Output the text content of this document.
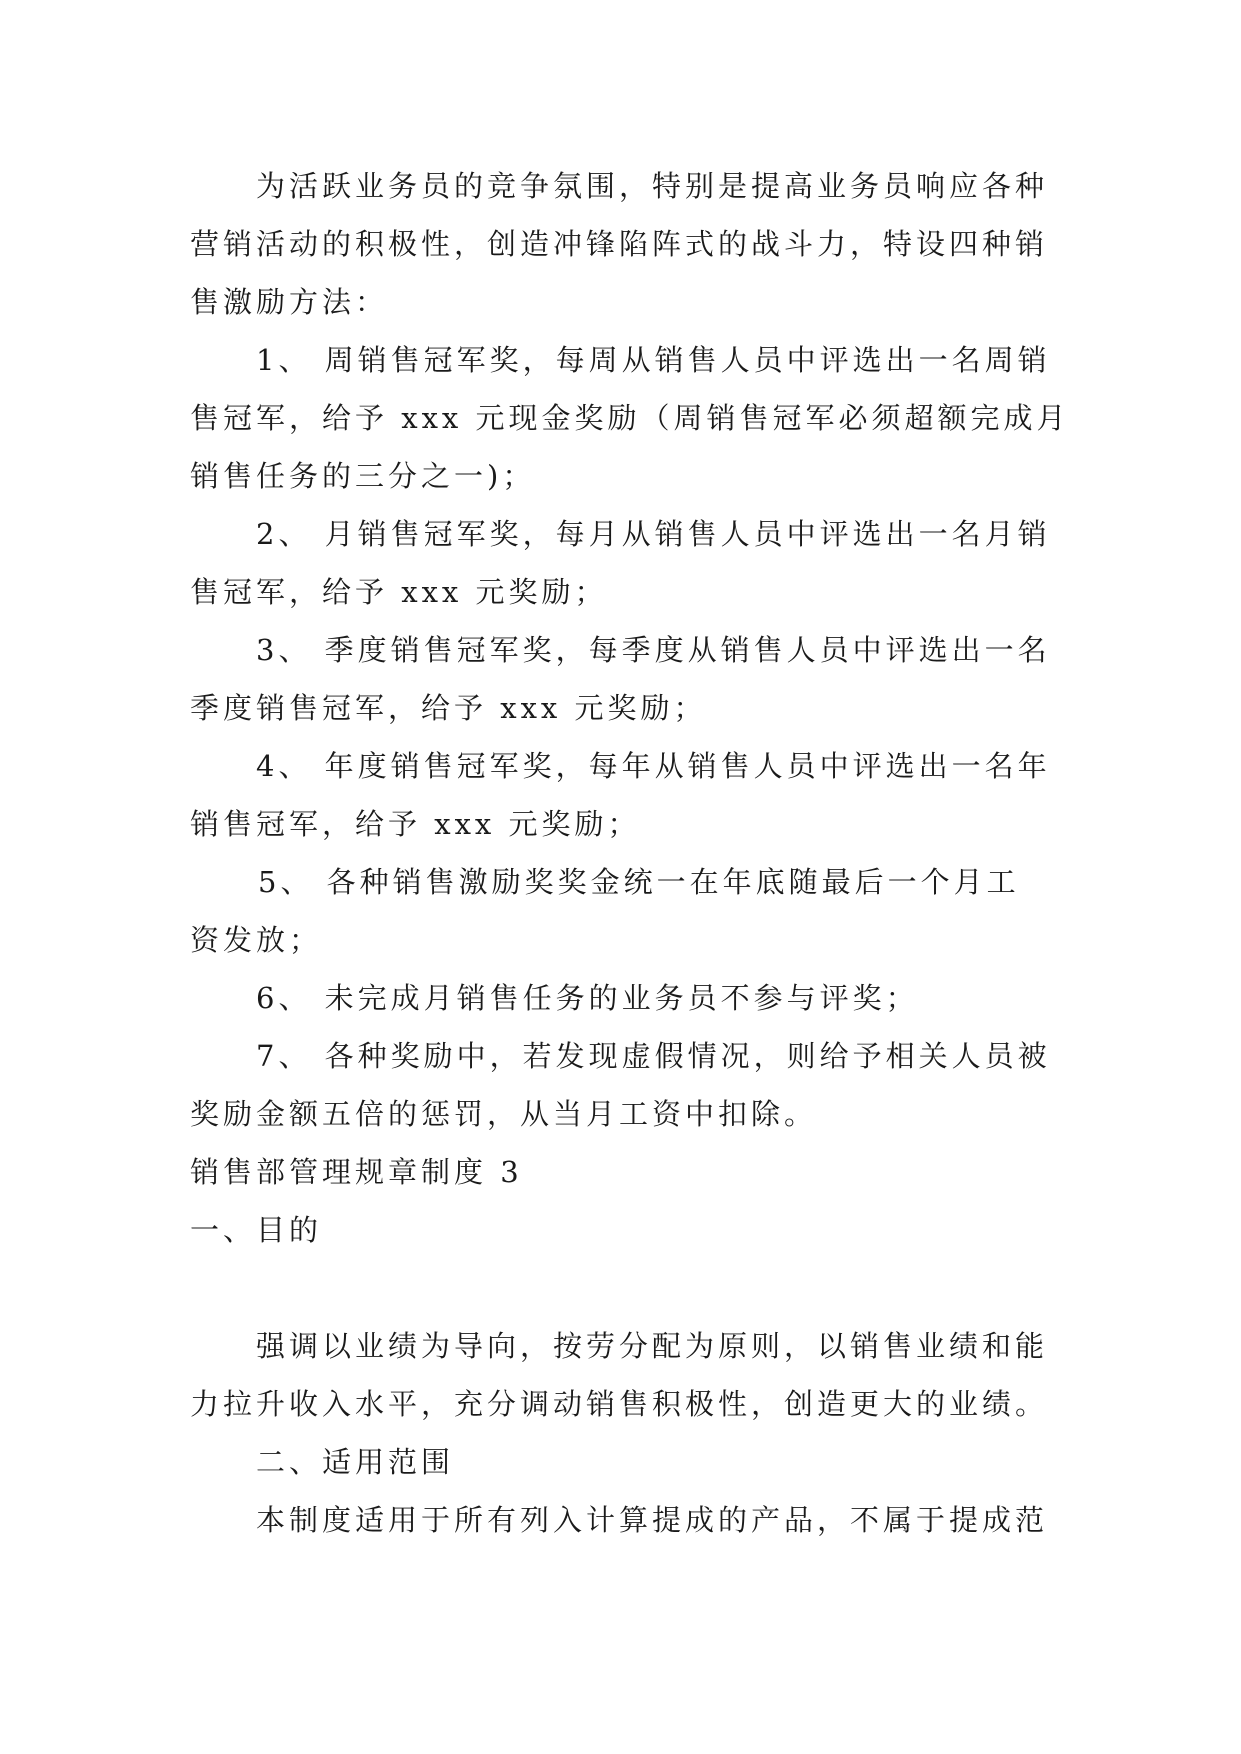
为活跃业务员的竞争氛围，特别是提高业务员响应各种
营销活动的积极性，创造冲锋陷阵式的战斗力，特设四种销
售激励方法：
1、 周销售冠军奖，每周从销售人员中评选出一名周销
售冠军，给予 xxx 元现金奖励（周销售冠军必须超额完成月
销售任务的三分之一)；
2、 月销售冠军奖，每月从销售人员中评选出一名月销
售冠军，给予 xxx 元奖励；
3、 季度销售冠军奖，每季度从销售人员中评选出一名
季度销售冠军，给予 xxx 元奖励；
4、 年度销售冠军奖，每年从销售人员中评选出一名年
销售冠军，给予 xxx 元奖励；
5、 各种销售激励奖奖金统一在年底随最后一个月工
资发放；
6、 未完成月销售任务的业务员不参与评奖；
7、 各种奖励中，若发现虚假情况，则给予相关人员被
奖励金额五倍的惩罚，从当月工资中扣除。
销售部管理规章制度 3
一、目的
强调以业绩为导向，按劳分配为原则，以销售业绩和能
力拉升收入水平，充分调动销售积极性，创造更大的业绩。
二、适用范围
本制度适用于所有列入计算提成的产品，不属于提成范
